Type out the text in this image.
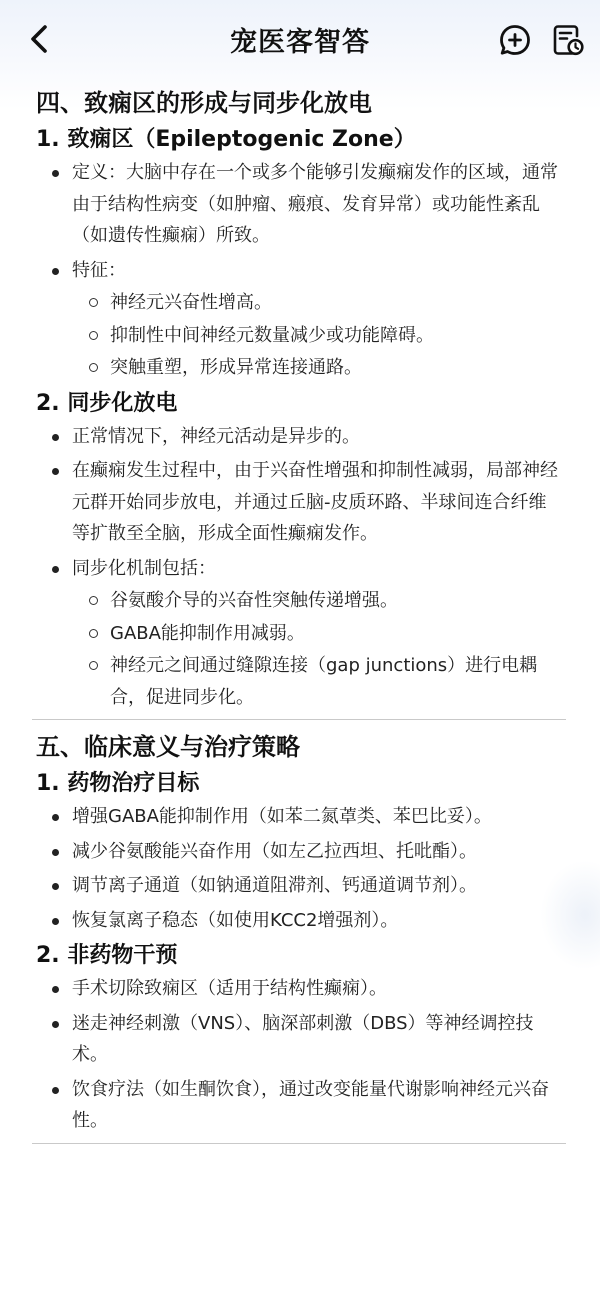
宠医客智答
四、致痫区的形成与同步化放电
1. 致痫区（Epileptogenic Zone）
定义：大脑中存在一个或多个能够引发癫痫发作的区域，通常由于结构性病变（如肿瘤、瘢痕、发育异常）或功能性紊乱（如遗传性癫痫）所致。
特征：
神经元兴奋性增高。
抑制性中间神经元数量减少或功能障碍。
突触重塑，形成异常连接通路。
2. 同步化放电
正常情况下，神经元活动是异步的。
在癫痫发生过程中，由于兴奋性增强和抑制性减弱，局部神经元群开始同步放电，并通过丘脑-皮质环路、半球间连合纤维等扩散至全脑，形成全面性癫痫发作。
同步化机制包括：
谷氨酸介导的兴奋性突触传递增强。
GABA能抑制作用减弱。
神经元之间通过缝隙连接（gap junctions）进行电耦合，促进同步化。
五、临床意义与治疗策略
1. 药物治疗目标
增强GABA能抑制作用（如苯二氮䓬类、苯巴比妥）。
减少谷氨酸能兴奋作用（如左乙拉西坦、托吡酯）。
调节离子通道（如钠通道阻滞剂、钙通道调节剂）。
恢复氯离子稳态（如使用KCC2增强剂）。
2. 非药物干预
手术切除致痫区（适用于结构性癫痫）。
迷走神经刺激（VNS）、脑深部刺激（DBS）等神经调控技术。
饮食疗法（如生酮饮食），通过改变能量代谢影响神经元兴奋性。
